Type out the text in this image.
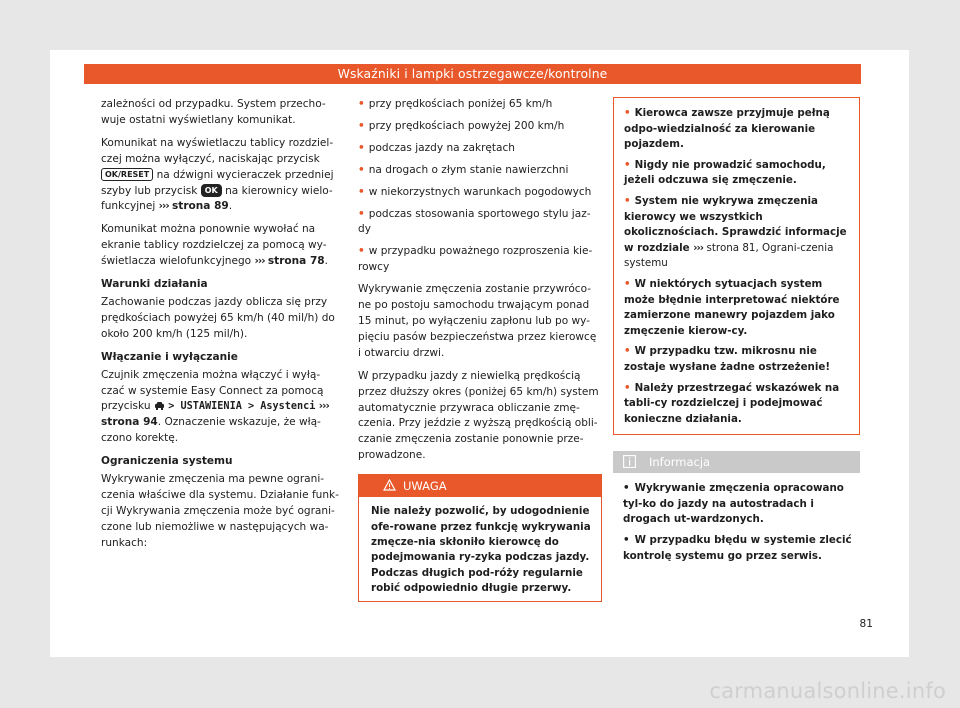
Wskaźniki i lampki ostrzegawcze/kontrolne

zależności od przypadku. System przecho-wuje ostatni wyświetlany komunikat.

Komunikat na wyświetlaczu tablicy rozdziel-czej można wyłączyć, naciskając przycisk OK/RESET na dźwigni wycieraczek przedniej szyby lub przycisk OK na kierownicy wielo-funkcyjnej ››› strona 89.

Komunikat można ponownie wywołać na ekranie tablicy rozdzielczej za pomocą wy-świetlacza wielofunkcyjnego ››› strona 78.

Warunki działania

Zachowanie podczas jazdy oblicza się przy prędkościach powyżej 65 km/h (40 mil/h) do około 200 km/h (125 mil/h).

Włączanie i wyłączanie

Czujnik zmęczenia można włączyć i wyłą-czać w systemie Easy Connect za pomocą przycisku > USTAWIENIA > Asystenci ››› strona 94. Oznaczenie wskazuje, że włą-czono korektę.

Ograniczenia systemu

Wykrywanie zmęczenia ma pewne ograni-czenia właściwe dla systemu. Działanie funk-cji Wykrywania zmęczenia może być ograni-czone lub niemożliwe w następujących wa-runkach:

• przy prędkościach poniżej 65 km/h
• przy prędkościach powyżej 200 km/h
• podczas jazdy na zakrętach
• na drogach o złym stanie nawierzchni
• w niekorzystnych warunkach pogodowych
• podczas stosowania sportowego stylu jaz-dy
• w przypadku poważnego rozproszenia kie-rowcy

Wykrywanie zmęczenia zostanie przywróco-ne po postoju samochodu trwającym ponad 15 minut, po wyłączeniu zapłonu lub po wy-pięciu pasów bezpieczeństwa przez kierowcę i otwarciu drzwi.

W przypadku jazdy z niewielką prędkością przez dłuższy okres (poniżej 65 km/h) system automatycznie przywraca obliczanie zmę-czenia. Przy jeździe z wyższą prędkością obli-czanie zmęczenia zostanie ponownie prze-prowadzone.

UWAGA

Nie należy pozwolić, by udogodnienie ofe-rowane przez funkcję wykrywania zmęcze-nia skłoniło kierowcę do podejmowania ry-zyka podczas jazdy. Podczas długich pod-róży regularnie robić odpowiednio długie przerwy.

• Kierowca zawsze przyjmuje pełną odpo-wiedzialność za kierowanie pojazdem.
• Nigdy nie prowadzić samochodu, jeżeli odczuwa się zmęczenie.
• System nie wykrywa zmęczenia kierowcy we wszystkich okolicznościach. Sprawdzić informacje w rozdziale ››› strona 81, Ograni-czenia systemu
• W niektórych sytuacjach system może błędnie interpretować niektóre zamierzone manewry pojazdem jako zmęczenie kierow-cy.
• W przypadku tzw. mikrosnu nie zostaje wysłane żadne ostrzeżenie!
• Należy przestrzegać wskazówek na tabli-cy rozdzielczej i podejmować konieczne działania.
Informacja
• Wykrywanie zmęczenia opracowano tyl-ko do jazdy na autostradach i drogach ut-wardzonych.
• W przypadku błędu w systemie zlecić kontrolę systemu go przez serwis.
81
carmanualsonline.info
